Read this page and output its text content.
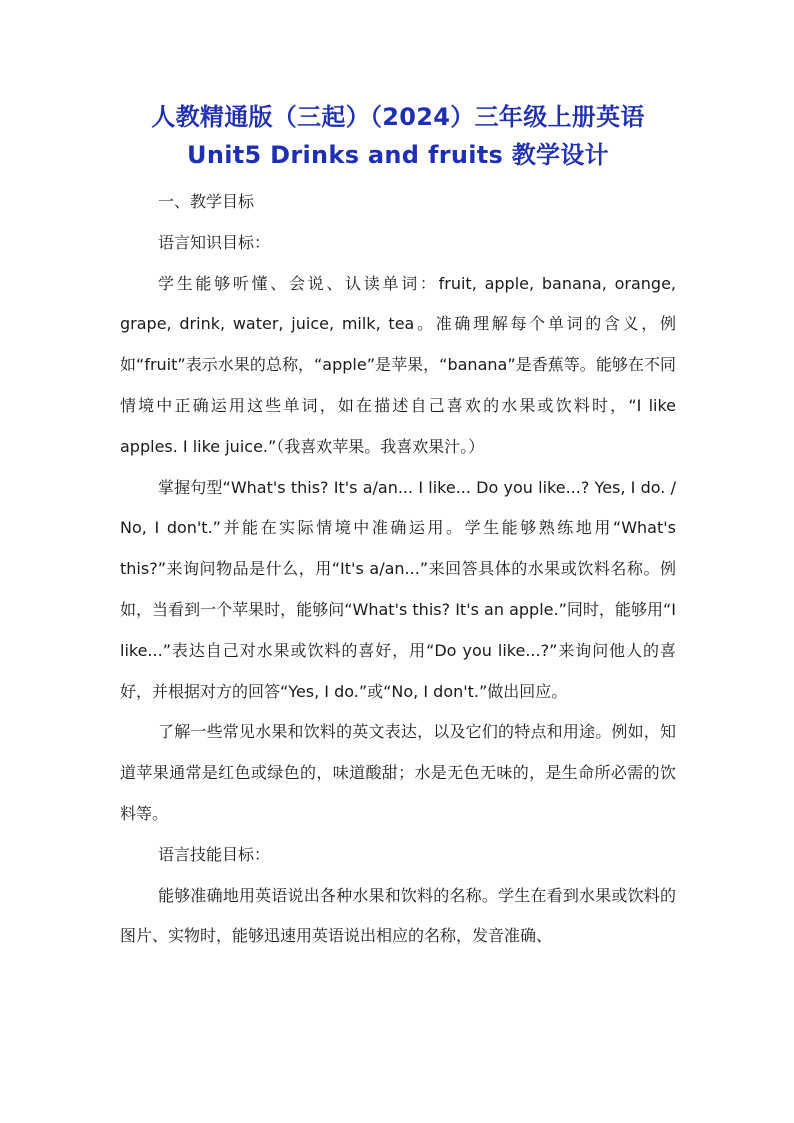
人教精通版（三起）（2024）三年级上册英语
Unit5 Drinks and fruits 教学设计

一、教学目标

语言知识目标：

学生能够听懂、会说、认读单词：fruit, apple, banana, orange, grape, drink, water, juice, milk, tea。准确理解每个单词的含义，例如“fruit”表示水果的总称，“apple”是苹果，“banana”是香蕉等。能够在不同情境中正确运用这些单词，如在描述自己喜欢的水果或饮料时，“I like apples. I like juice.”（我喜欢苹果。我喜欢果汁。）

掌握句型“What's this? It's a/an... I like... Do you like...? Yes, I do. / No, I don't.”并能在实际情境中准确运用。学生能够熟练地用“What's this?”来询问物品是什么，用“It's a/an...”来回答具体的水果或饮料名称。例如，当看到一个苹果时，能够问“What's this? It's an apple.”同时，能够用“I like...”表达自己对水果或饮料的喜好，用“Do you like...?”来询问他人的喜好，并根据对方的回答“Yes, I do.”或“No, I don't.”做出回应。

了解一些常见水果和饮料的英文表达，以及它们的特点和用途。例如，知道苹果通常是红色或绿色的，味道酸甜；水是无色无味的，是生命所必需的饮料等。

语言技能目标：

能够准确地用英语说出各种水果和饮料的名称。学生在看到水果或饮料的图片、实物时，能够迅速用英语说出相应的名称，发音准确、
